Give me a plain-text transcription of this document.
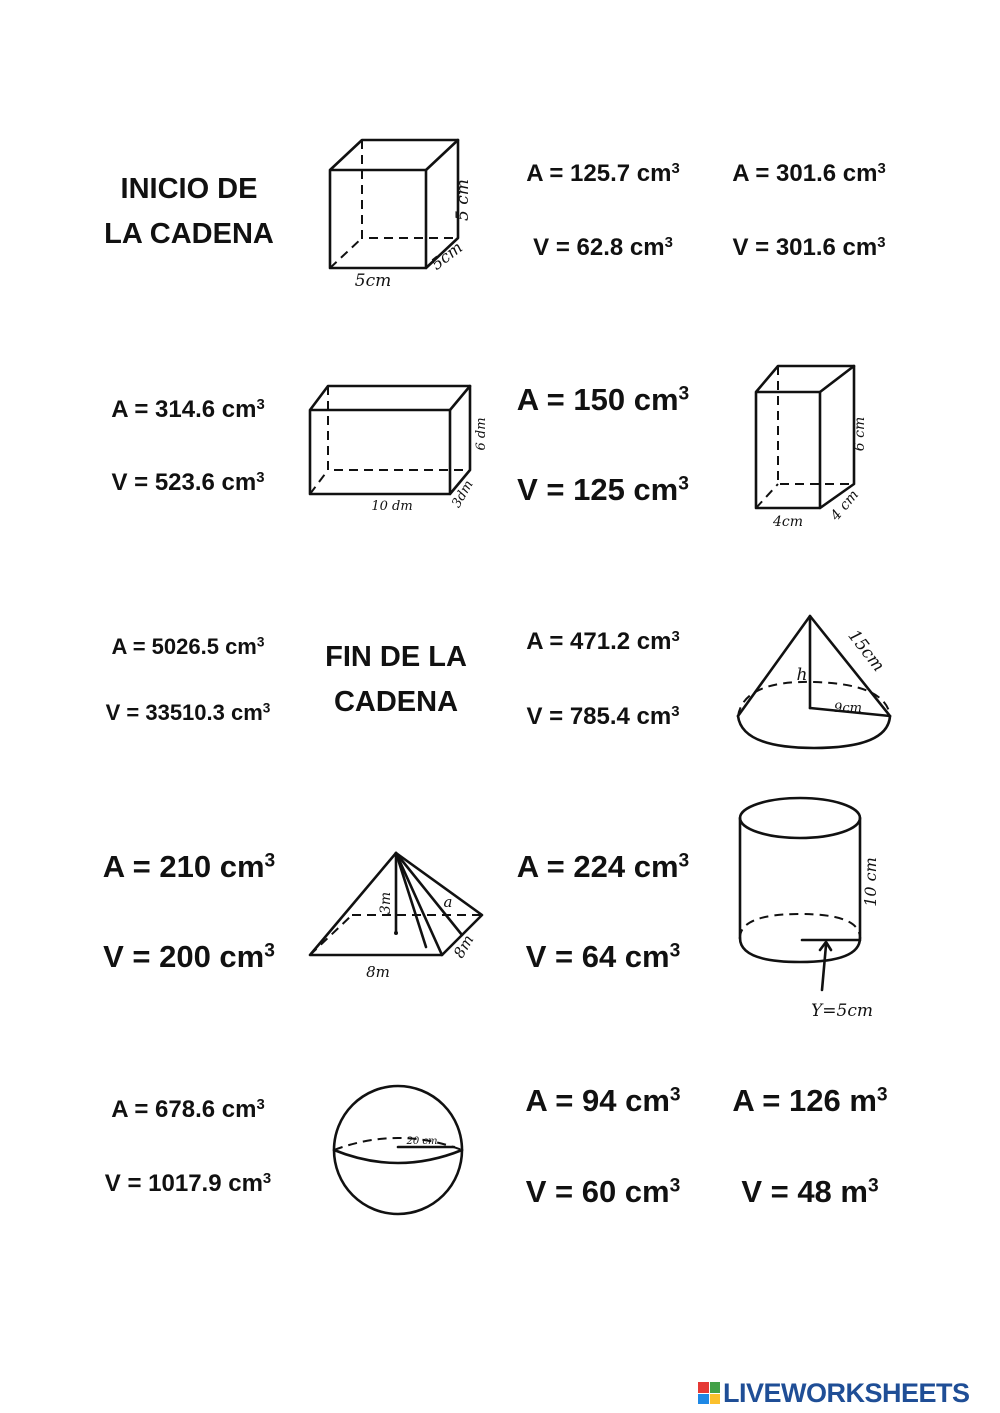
INICIO DE
LA CADENA
FIN DE LA
CADENA
A = 125.7 $cm^3$
V = 62.8 $cm^3$
A = 301.6 $cm^3$
V = 301.6 $cm^3$
A = 314.6 $cm^3$
V = 523.6 $cm^3$
A = 150 $cm^3$
V = 125 $cm^3$
A = 5026.5 $cm^3$
V = 33510.3 $cm^3$
A = 471.2 $cm^3$
V = 785.4 $cm^3$
A = 210 $cm^3$
V = 200 $cm^3$
A = 224 $cm^3$
V = 64 $cm^3$
A = 678.6 $cm^3$
V = 1017.9 $cm^3$
A = 94 $cm^3$
V = 60 $cm^3$
A = 126 $m^3$
V = 48 $m^3$
5 cm
5cm
5cm
6 dm
3dm
10 dm
6 cm
4 cm
4cm
h 15cm
9cm
3m	a
8m
8m
10 cm
Y=5cm
20 cm
LIVEWORKSHEETS
